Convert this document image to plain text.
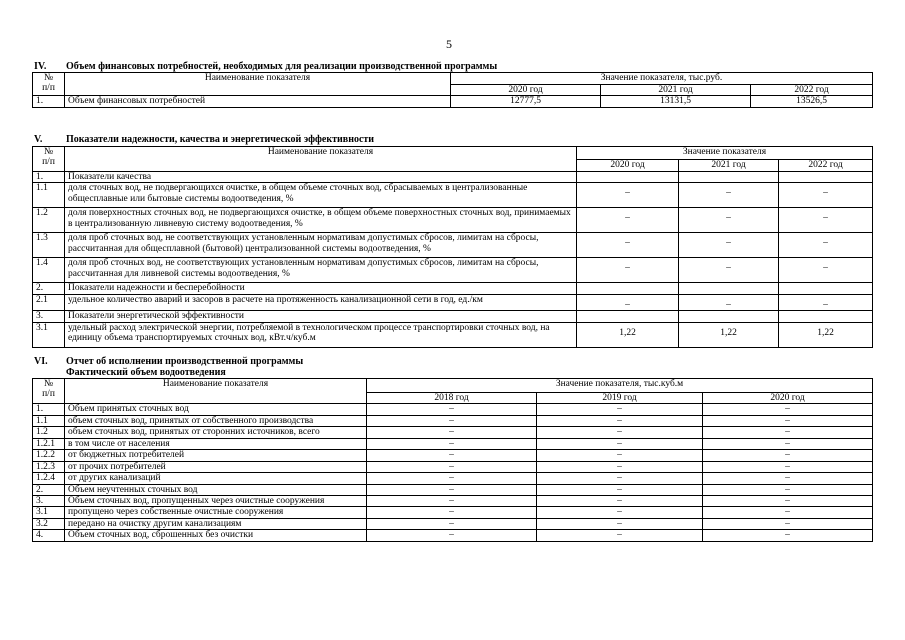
5
IV. Объем финансовых потребностей, необходимых для реализации производственной программы
№
п/п	Наименование показателя	Значение показателя, тыс.руб.		
		2020 год	2021 год	2022 год
1.	Объем финансовых потребностей	12777,5	13131,5	13526,5
V. Показатели надежности, качества и энергетической эффективности
№
п/п	Наименование показателя	Значение показателя		
		2020 год	2021 год	2022 год
1.	Показатели качества			
1.1	доля сточных вод, не подвергающихся очистке, в общем объеме сточных вод, сбрасываемых в централизованные общесплавные или бытовые системы водоотведения, %	–	–	–
1.2	доля поверхностных сточных вод, не подвергающихся очистке, в общем объеме поверхностных сточных вод, принимаемых в централизованную ливневую систему водоотведения, %	–	–	–
1.3	доля проб сточных вод, не соответствующих установленным нормативам допустимых сбросов, лимитам на сбросы, рассчитанная для общесплавной (бытовой) централизованной системы водоотведения, %	–	–	–
1.4	доля проб сточных вод, не соответствующих установленным нормативам допустимых сбросов, лимитам на сбросы, рассчитанная для ливневой системы водоотведения, %	–	–	–
2.	Показатели надежности и бесперебойности			
2.1	удельное количество аварий и засоров в расчете на протяженность канализационной сети в год, ед./км	–	–	–
3.	Показатели энергетической эффективности			
3.1	удельный расход электрической энергии, потребляемой в технологическом процессе транспортировки сточных вод, на единицу объема транспортируемых сточных вод, кВт.ч/куб.м	1,22	1,22	1,22
VI. Отчет об исполнении производственной программы
Фактический объем водоотведения
№
п/п	Наименование показателя	Значение показателя, тыс.куб.м		
		2018 год	2019 год	2020 год
1.	Объем принятых сточных вод	–	–	–
1.1	объем сточных вод, принятых от собственного производства	–	–	–
1.2	объем сточных вод, принятых от сторонних источников, всего	–	–	–
1.2.1	в том числе от населения	–	–	–
1.2.2	от бюджетных потребителей	–	–	–
1.2.3	от прочих потребителей	–	–	–
1.2.4	от других канализаций	–	–	–
2.	Объем неучтенных сточных вод	–	–	–
3.	Объем сточных вод, пропущенных через очистные сооружения	–	–	–
3.1	пропущено через собственные очистные сооружения	–	–	–
3.2	передано на очистку другим канализациям	–	–	–
4.	Объем сточных вод, сброшенных без очистки	–	–	–
